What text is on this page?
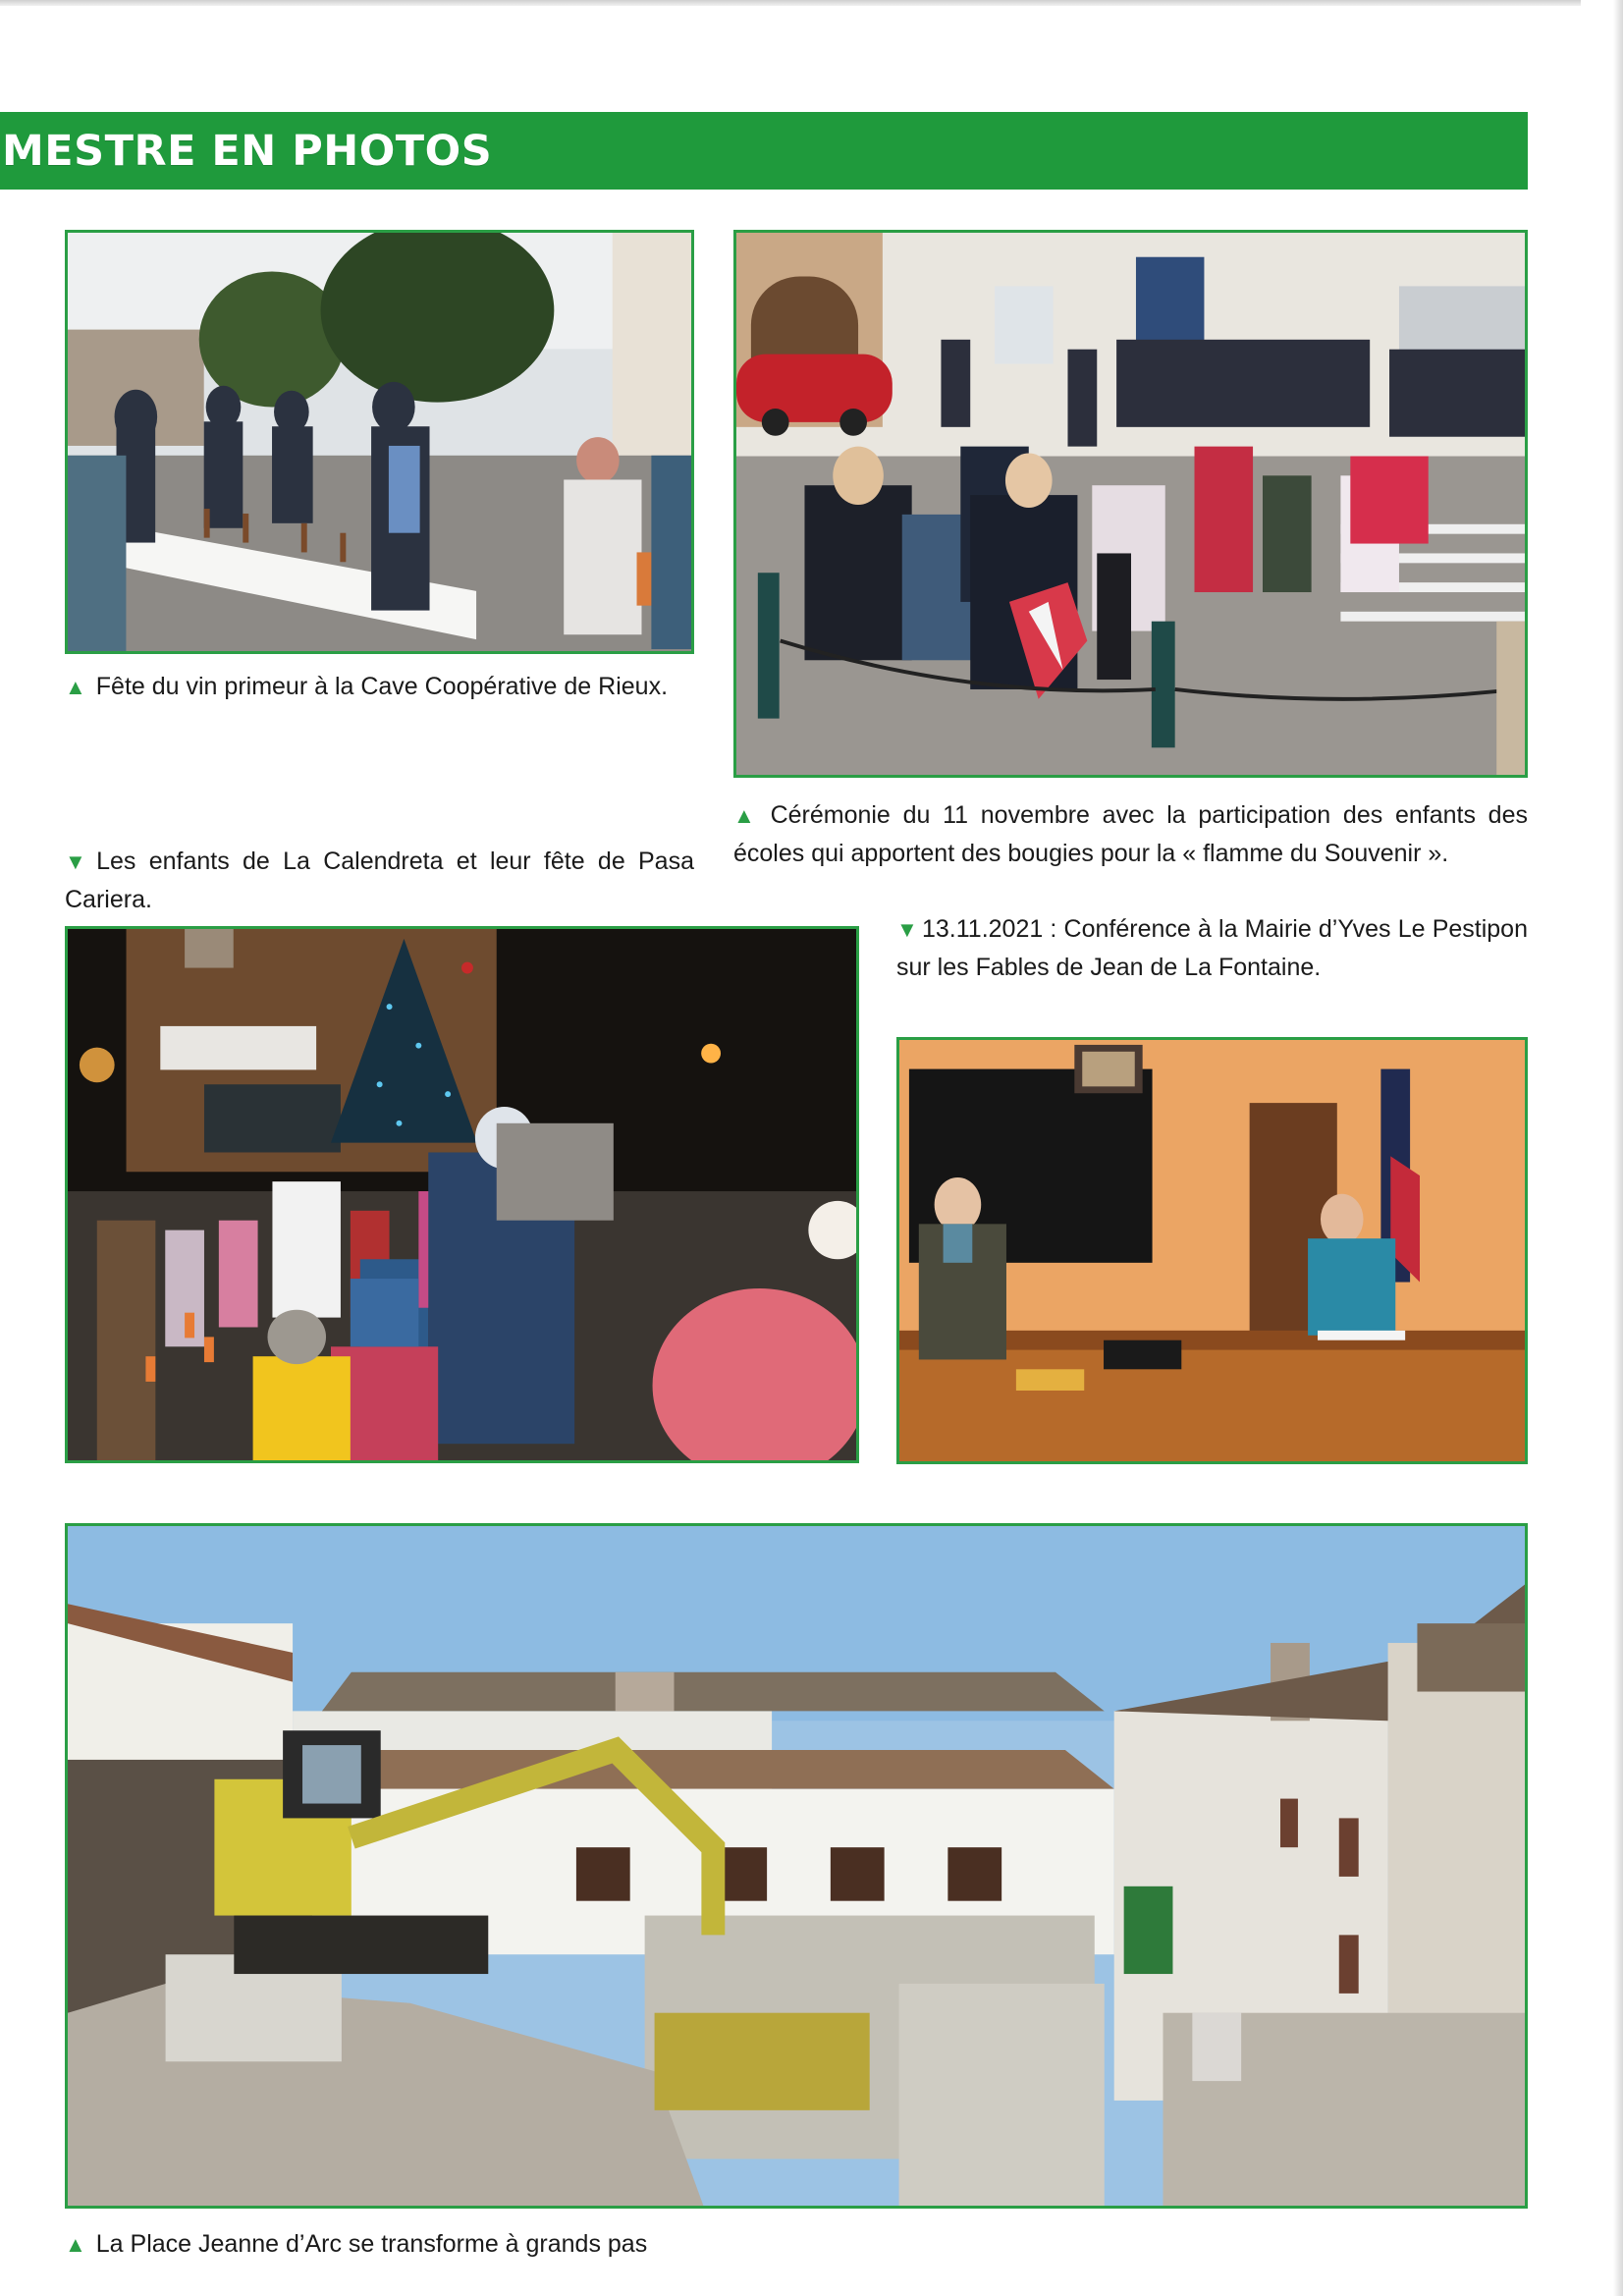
MESTRE EN PHOTOS
▲ Fête du vin primeur à la Cave Coopérative de Rieux.
▲ Cérémonie du 11 novembre avec la participation des enfants des écoles qui apportent des bougies pour la « flamme du Souvenir ».
▼ Les enfants de La Calendreta et leur fête de Pasa Cariera.
▼ 13.11.2021 : Conférence à la Mairie d’Yves Le Pestipon sur les Fables de Jean de La Fontaine.
▲ La Place Jeanne d’Arc se transforme à grands pas
